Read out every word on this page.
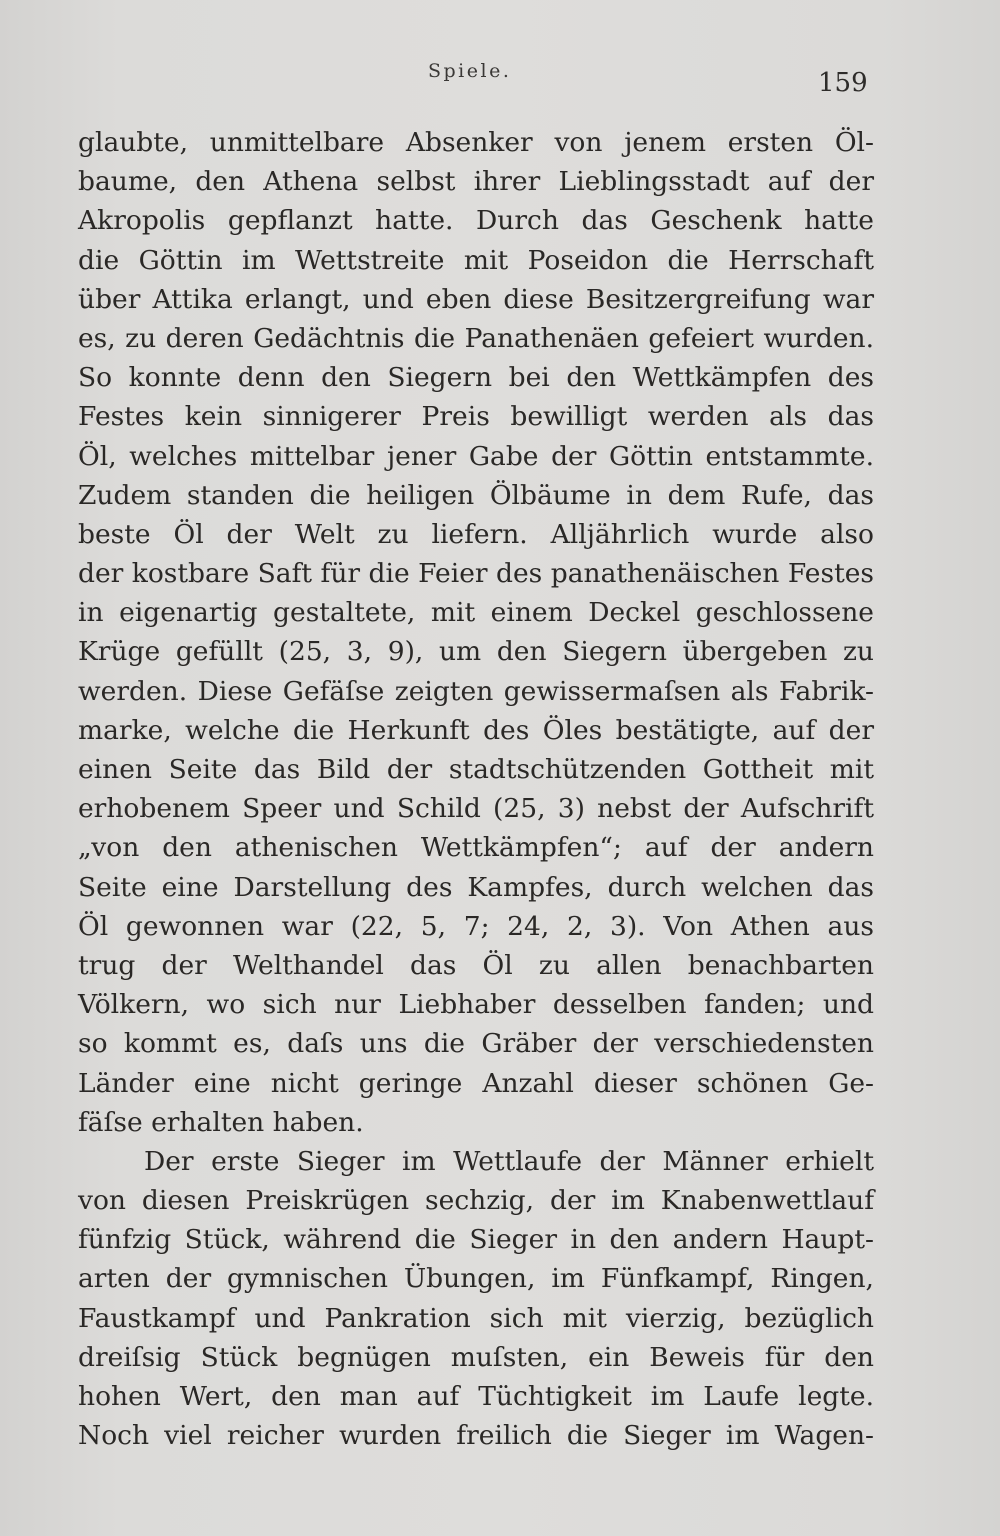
Spiele.	159
glaubte, unmittelbare Absenker von jenem ersten Öl-
baume, den Athena selbst ihrer Lieblingsstadt auf der
Akropolis gepflanzt hatte. Durch das Geschenk hatte
die Göttin im Wettstreite mit Poseidon die Herrschaft
über Attika erlangt, und eben diese Besitzergreifung war
es, zu deren Gedächtnis die Panathenäen gefeiert wurden.
So konnte denn den Siegern bei den Wettkämpfen des
Festes kein sinnigerer Preis bewilligt werden als das
Öl, welches mittelbar jener Gabe der Göttin entstammte.
Zudem standen die heiligen Ölbäume in dem Rufe, das
beste Öl der Welt zu liefern. Alljährlich wurde also
der kostbare Saft für die Feier des panathenäischen Festes
in eigenartig gestaltete, mit einem Deckel geschlossene
Krüge gefüllt (25, 3, 9), um den Siegern übergeben zu
werden. Diese Gefäſse zeigten gewissermaſsen als Fabrik-
marke, welche die Herkunft des Öles bestätigte, auf der
einen Seite das Bild der stadtschützenden Gottheit mit
erhobenem Speer und Schild (25, 3) nebst der Aufschrift
„von den athenischen Wettkämpfen“; auf der andern
Seite eine Darstellung des Kampfes, durch welchen das
Öl gewonnen war (22, 5, 7; 24, 2, 3). Von Athen aus
trug der Welthandel das Öl zu allen benachbarten
Völkern, wo sich nur Liebhaber desselben fanden; und
so kommt es, daſs uns die Gräber der verschiedensten
Länder eine nicht geringe Anzahl dieser schönen Ge-
fäſse erhalten haben.
Der erste Sieger im Wettlaufe der Männer erhielt
von diesen Preiskrügen sechzig, der im Knabenwettlauf
fünfzig Stück, während die Sieger in den andern Haupt-
arten der gymnischen Übungen, im Fünfkampf, Ringen,
Faustkampf und Pankration sich mit vierzig, bezüglich
dreiſsig Stück begnügen muſsten, ein Beweis für den
hohen Wert, den man auf Tüchtigkeit im Laufe legte.
Noch viel reicher wurden freilich die Sieger im Wagen-
